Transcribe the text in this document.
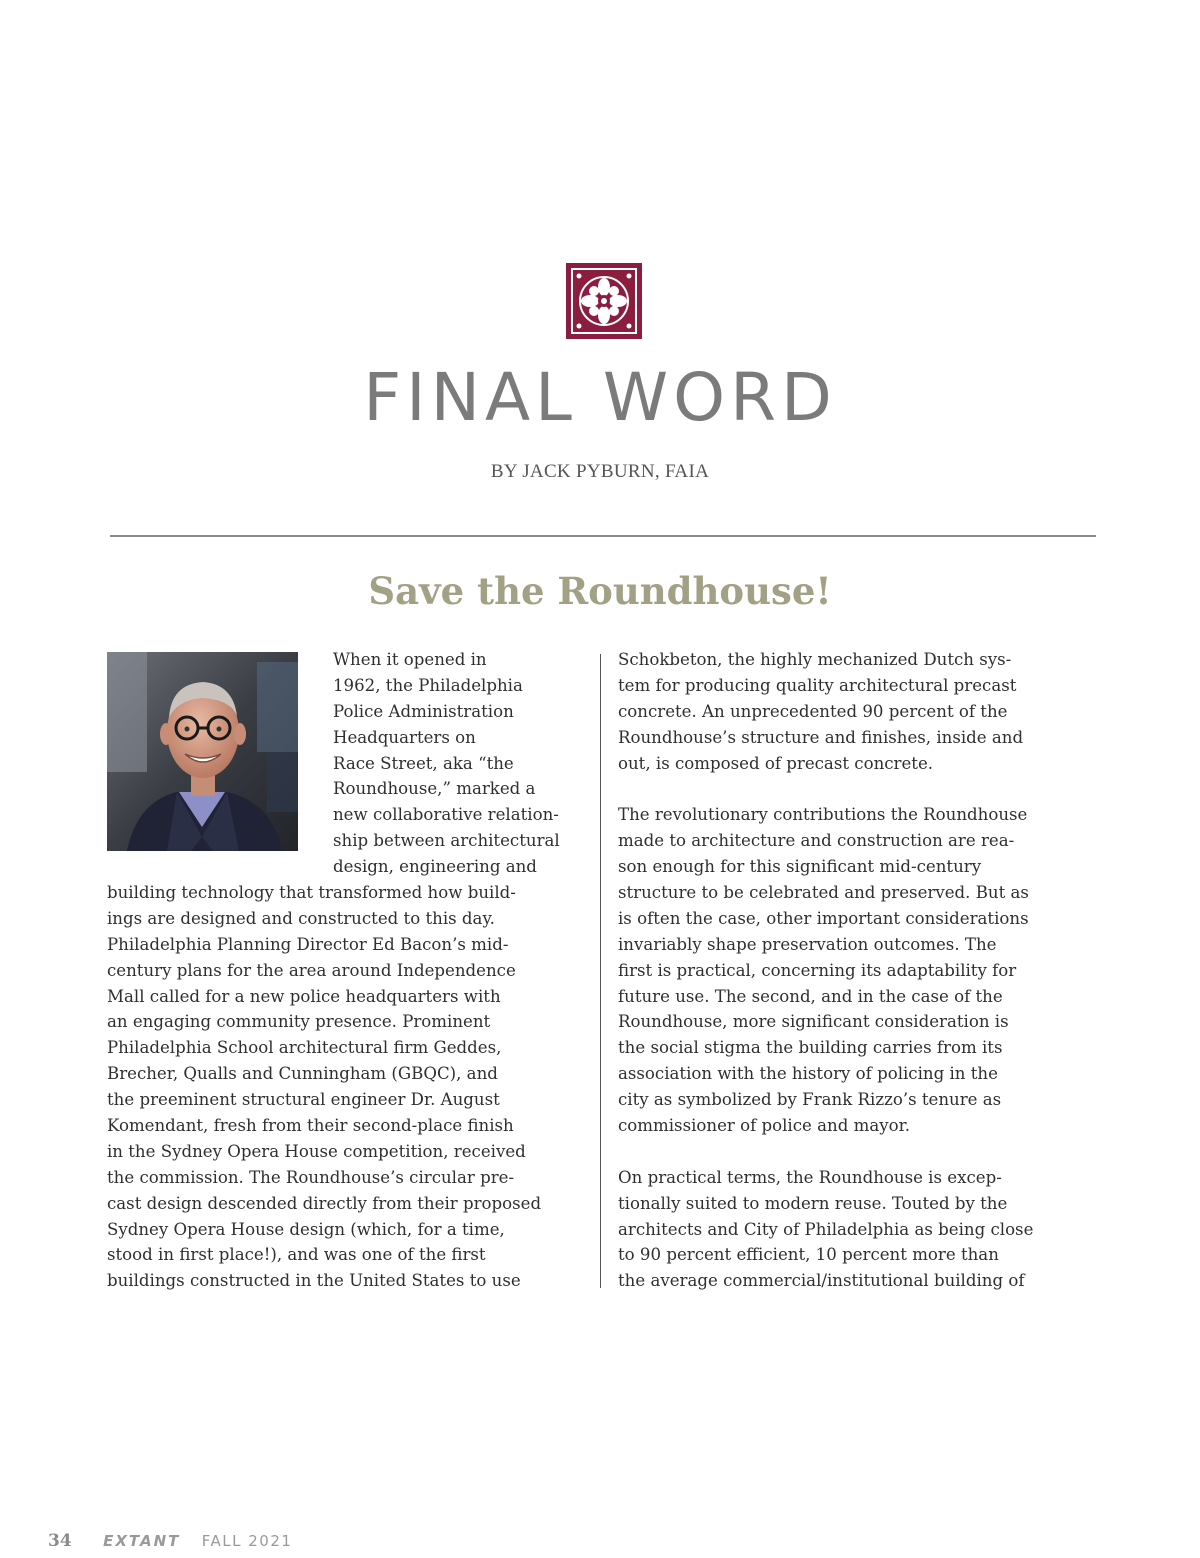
FINAL WORD
BY JACK PYBURN, FAIA
Save the Roundhouse!
When it opened in
1962, the Philadelphia
Police Administration
Headquarters on
Race Street, aka “the
Roundhouse,” marked a
new collaborative relation-
ship between architectural
design, engineering and
building technology that transformed how build-
ings are designed and constructed to this day.
Philadelphia Planning Director Ed Bacon’s mid-
century plans for the area around Independence
Mall called for a new police headquarters with
an engaging community presence. Prominent
Philadelphia School architectural firm Geddes,
Brecher, Qualls and Cunningham (GBQC), and
the preeminent structural engineer Dr. August
Komendant, fresh from their second-place finish
in the Sydney Opera House competition, received
the commission. The Roundhouse’s circular pre-
cast design descended directly from their proposed
Sydney Opera House design (which, for a time,
stood in first place!), and was one of the first
buildings constructed in the United States to use
Schokbeton, the highly mechanized Dutch sys-
tem for producing quality architectural precast
concrete. An unprecedented 90 percent of the
Roundhouse’s structure and finishes, inside and
out, is composed of precast concrete.
The revolutionary contributions the Roundhouse
made to architecture and construction are rea-
son enough for this significant mid-century
structure to be celebrated and preserved. But as
is often the case, other important considerations
invariably shape preservation outcomes. The
first is practical, concerning its adaptability for
future use. The second, and in the case of the
Roundhouse, more significant consideration is
the social stigma the building carries from its
association with the history of policing in the
city as symbolized by Frank Rizzo’s tenure as
commissioner of police and mayor.
On practical terms, the Roundhouse is excep-
tionally suited to modern reuse. Touted by the
architects and City of Philadelphia as being close
to 90 percent efficient, 10 percent more than
the average commercial/institutional building of
34 EXTANT FALL 2021
